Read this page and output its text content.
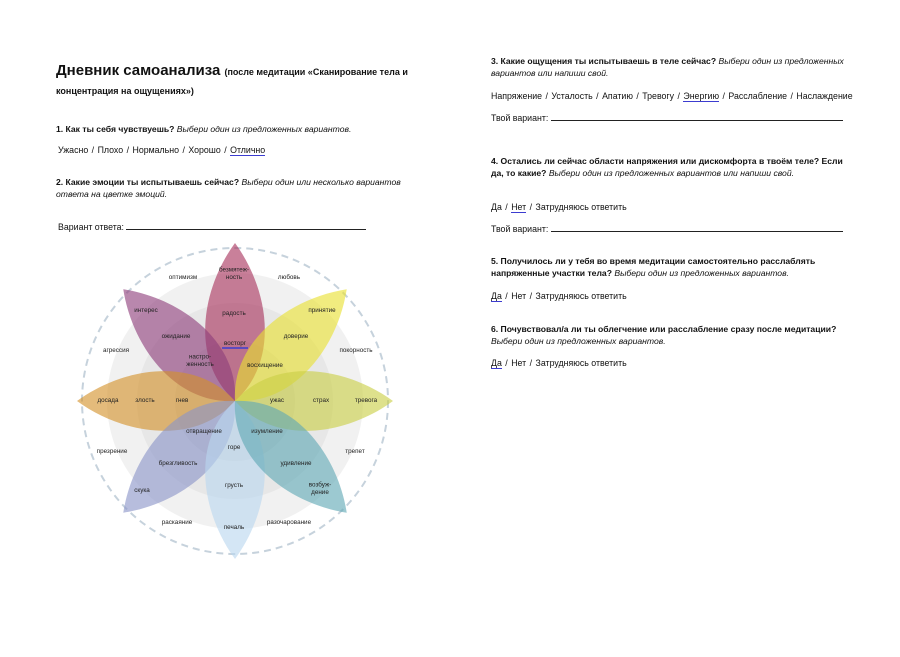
Дневник самоанализа (после медитации «Сканирование тела и концентрация на ощущениях»)
1. Как ты себя чувствуешь? Выбери один из предложенных вариантов.
Ужасно / Плохо / Нормально / Хорошо / Отлично
2. Какие эмоции ты испытываешь сейчас? Выбери один или несколько вариантов ответа на цветке эмоций.
Вариант ответа:
оптимизм
безмятеж-ность	любовь
интерес	радость	принятие
ожидание	доверие
восторг
агрессия	покорность
настро-женность	восхищение
досада	злость	гнев	ужас	страх	тревога
отвращение	изумление
презрение	трепет
горе
брезгливость	удивление
скука
грусть	возбуж-дение
раскаяние
печаль
разочарование
3. Какие ощущения ты испытываешь в теле сейчас? Выбери один из предложенных вариантов или напиши свой.
Напряжение / Усталость / Апатию / Тревогу / Энергию / Расслабление / Наслаждение
Твой вариант:
4. Остались ли сейчас области напряжения или дискомфорта в твоём теле? Если да, то какие? Выбери один из предложенных вариантов или напиши свой.
Да / Нет / Затрудняюсь ответить
Твой вариант:
5. Получилось ли у тебя во время медитации самостоятельно расслаблять напряженные участки тела? Выбери один из предложенных вариантов.
Да / Нет / Затрудняюсь ответить
6. Почувствовал/а ли ты облегчение или расслабление сразу после медитации? Выбери один из предложенных вариантов.
Да / Нет / Затрудняюсь ответить
